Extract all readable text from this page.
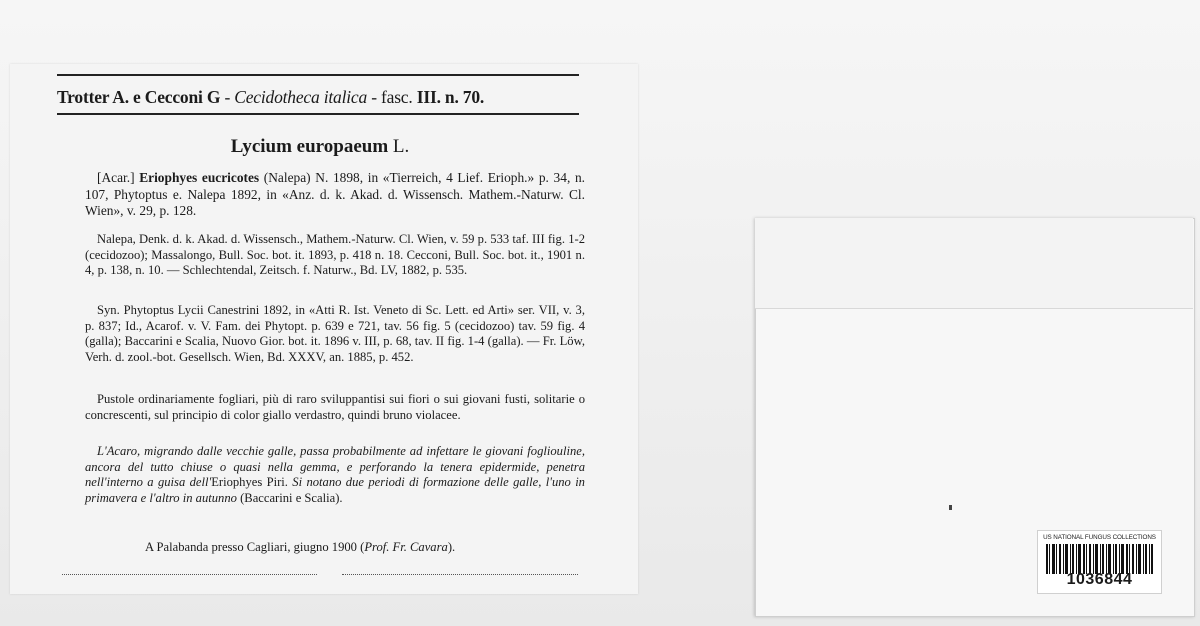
Trotter A. e Cecconi G - Cecidotheca italica - fasc. III. n. 70.
Lycium europaeum L.
[Acar.] Eriophyes eucricotes (Nalepa) N. 1898, in «Tierreich, 4 Lief. Erioph.» p. 34, n. 107, Phytoptus e. Nalepa 1892, in «Anz. d. k. Akad. d. Wissensch. Mathem.-Naturw. Cl. Wien», v. 29, p. 128.
Nalepa, Denk. d. k. Akad. d. Wissensch., Mathem.-Naturw. Cl. Wien, v. 59 p. 533 taf. III fig. 1-2 (cecidozoo); Massalongo, Bull. Soc. bot. it. 1893, p. 418 n. 18. Cecconi, Bull. Soc. bot. it., 1901 n. 4, p. 138, n. 10. — Schlechtendal, Zeitsch. f. Naturw., Bd. LV, 1882, p. 535.
Syn. Phytoptus Lycii Canestrini 1892, in «Atti R. Ist. Veneto di Sc. Lett. ed Arti» ser. VII, v. 3, p. 837; Id., Acarof. v. V. Fam. dei Phytopt. p. 639 e 721, tav. 56 fig. 5 (cecidozoo) tav. 59 fig. 4 (galla); Baccarini e Scalia, Nuovo Gior. bot. it. 1896 v. III, p. 68, tav. II fig. 1-4 (galla). — Fr. Löw, Verh. d. zool.-bot. Gesellsch. Wien, Bd. XXXV, an. 1885, p. 452.
Pustole ordinariamente fogliari, più di raro sviluppantisi sui fiori o sui giovani fusti, solitarie o concrescenti, sul principio di color giallo verdastro, quindi bruno violacee.
L'Acaro, migrando dalle vecchie galle, passa probabilmente ad infettare le giovani fogliouline, ancora del tutto chiuse o quasi nella gemma, e perforando la tenera epidermide, penetra nell'interno a guisa dell'Eriophyes Piri. Si notano due periodi di formazione delle galle, l'uno in primavera e l'altro in autunno (Baccarini e Scalia).
A Palabanda presso Cagliari, giugno 1900 (Prof. Fr. Cavara).
US NATIONAL FUNGUS COLLECTIONS
1036844
